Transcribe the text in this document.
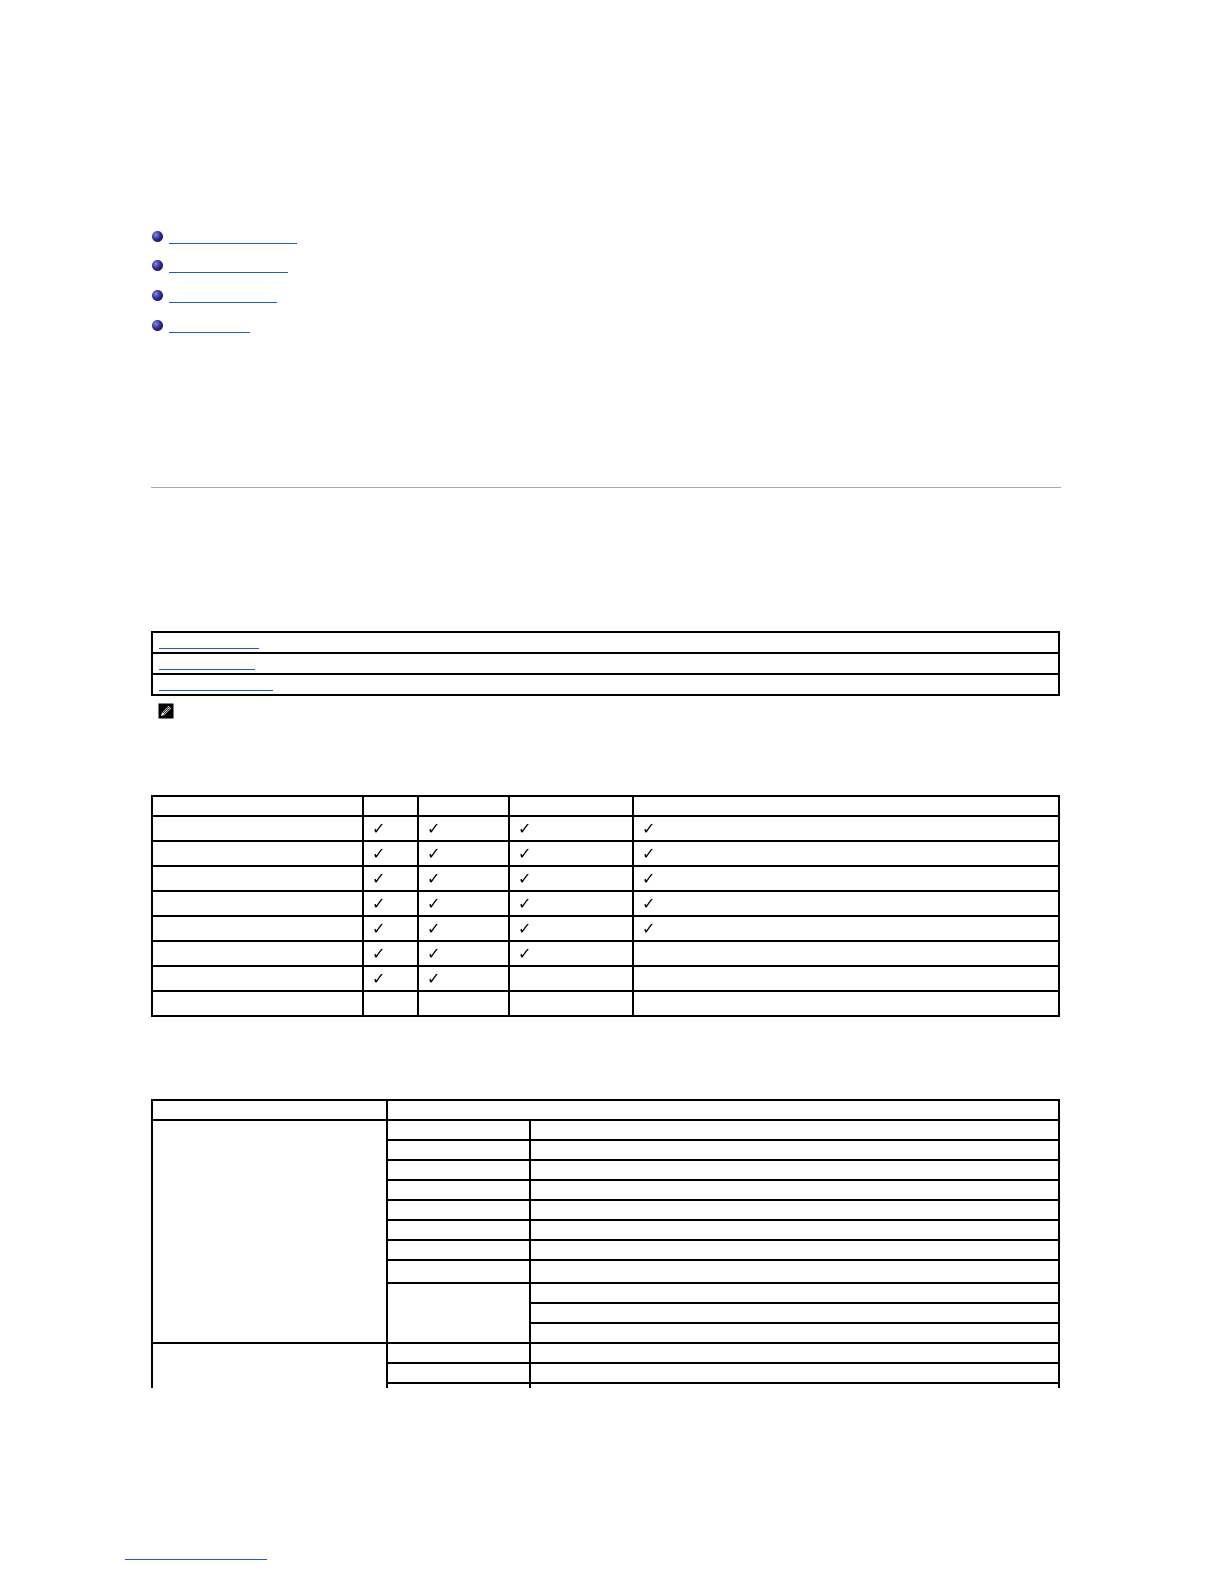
	✓	✓	✓	✓
	✓	✓	✓	✓
	✓	✓	✓	✓
	✓	✓	✓	✓
	✓	✓	✓	✓
	✓	✓	✓	
	✓	✓		
